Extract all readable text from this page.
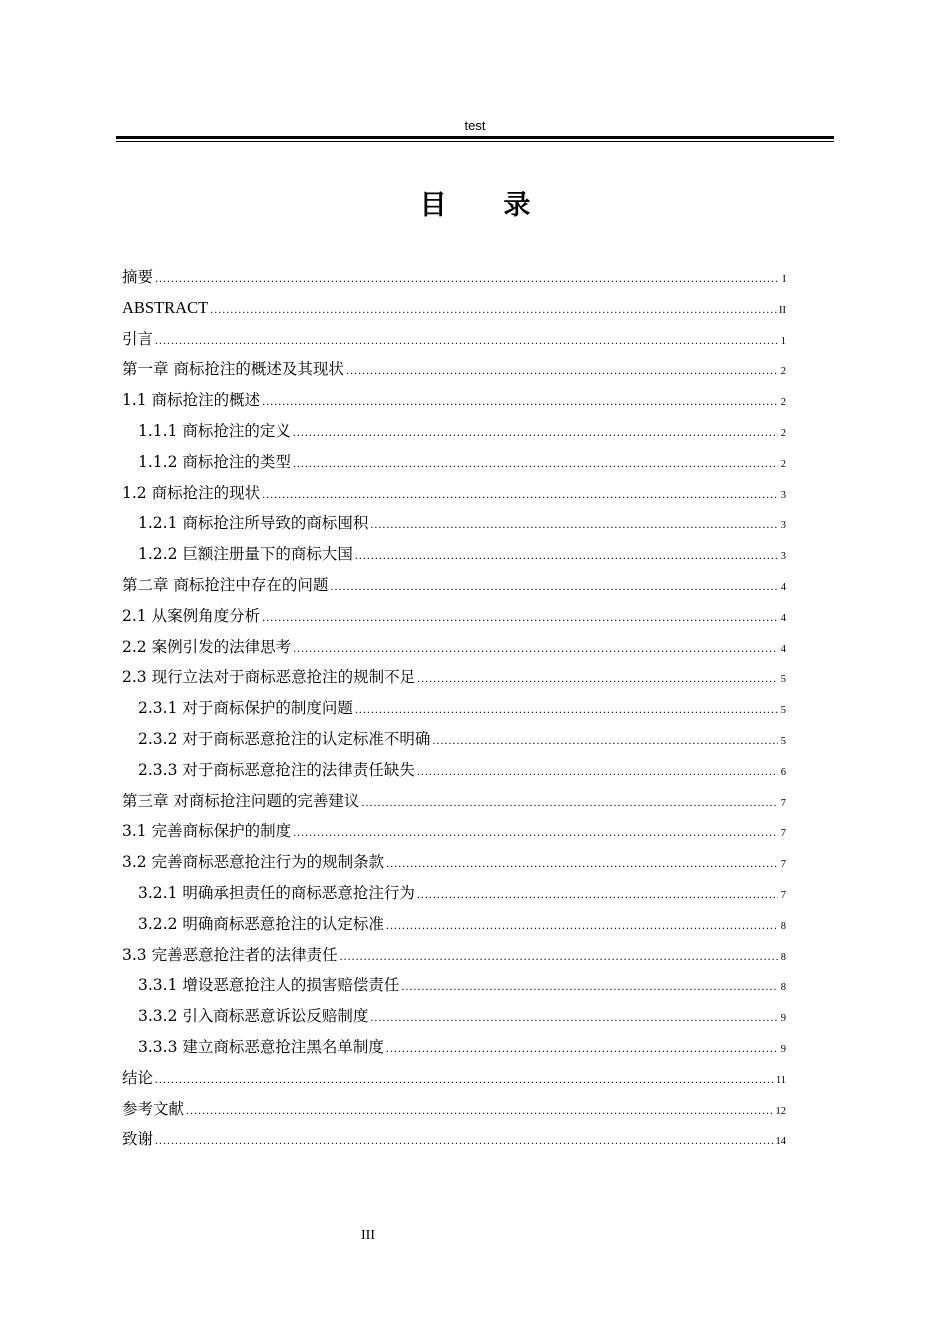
test
目　录
摘要 .....	I
ABSTRACT .....	II
引言 .....	1
第一章 商标抢注的概述及其现状 .....	2
1.1 商标抢注的概述 .....	2
1.1.1 商标抢注的定义 .....	2
1.1.2 商标抢注的类型 .....	2
1.2 商标抢注的现状 .....	3
1.2.1 商标抢注所导致的商标囤积 .....	3
1.2.2 巨额注册量下的商标大国 .....	3
第二章 商标抢注中存在的问题 .....	4
2.1 从案例角度分析 .....	4
2.2 案例引发的法律思考 .....	4
2.3 现行立法对于商标恶意抢注的规制不足 .....	5
2.3.1 对于商标保护的制度问题 .....	5
2.3.2 对于商标恶意抢注的认定标准不明确 .....	5
2.3.3 对于商标恶意抢注的法律责任缺失 .....	6
第三章 对商标抢注问题的完善建议 .....	7
3.1 完善商标保护的制度 .....	7
3.2 完善商标恶意抢注行为的规制条款 .....	7
3.2.1 明确承担责任的商标恶意抢注行为 .....	7
3.2.2 明确商标恶意抢注的认定标准 .....	8
3.3 完善恶意抢注者的法律责任 .....	8
3.3.1 增设恶意抢注人的损害赔偿责任 .....	8
3.3.2 引入商标恶意诉讼反赔制度 .....	9
3.3.3 建立商标恶意抢注黑名单制度 .....	9
结论 .....	11
参考文献 .....	12
致谢 .....	14
III
